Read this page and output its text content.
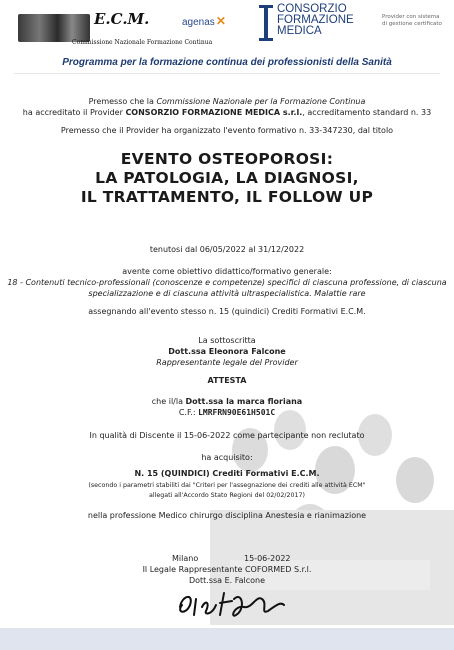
E.C.M.
Commissione Nazionale Formazione Continua
agenas✕
CONSORZIO
FORMAZIONE
MEDICA
Provider con sistema di gestione certificato
Programma per la formazione continua dei professionisti della Sanità
Premesso che la Commissione Nazionale per la Formazione Continua
ha accreditato il Provider CONSORZIO FORMAZIONE MEDICA s.r.l., accreditamento standard n. 33
Premesso che il Provider ha organizzato l'evento formativo n. 33-347230, dal titolo
EVENTO OSTEOPOROSI:
LA PATOLOGIA, LA DIAGNOSI,
IL TRATTAMENTO, IL FOLLOW UP
tenutosi dal 06/05/2022 al 31/12/2022
avente come obiettivo didattico/formativo generale:
18 - Contenuti tecnico-professionali (conoscenze e competenze) specifici di ciascuna professione, di ciascuna
specializzazione e di ciascuna attività ultraspecialistica. Malattie rare
assegnando all'evento stesso n. 15 (quindici) Crediti Formativi E.C.M.
La sottoscritta
Dott.ssa Eleonora Falcone
Rappresentante legale del Provider
ATTESTA
che il/la Dott.ssa la marca floriana
C.F.: LMRFRN90E61H501C
In qualità di Discente il 15-06-2022 come partecipante non reclutato
ha acquisito:
N. 15 (QUINDICI) Crediti Formativi E.C.M.
(secondo i parametri stabiliti dai "Criteri per l'assegnazione dei crediti alle attività ECM"
allegati all'Accordo Stato Regioni del 02/02/2017)
nella professione Medico chirurgo disciplina Anestesia e rianimazione
Milano	15-06-2022
Il Legale Rappresentante COFORMED S.r.l.
Dott.ssa E. Falcone
